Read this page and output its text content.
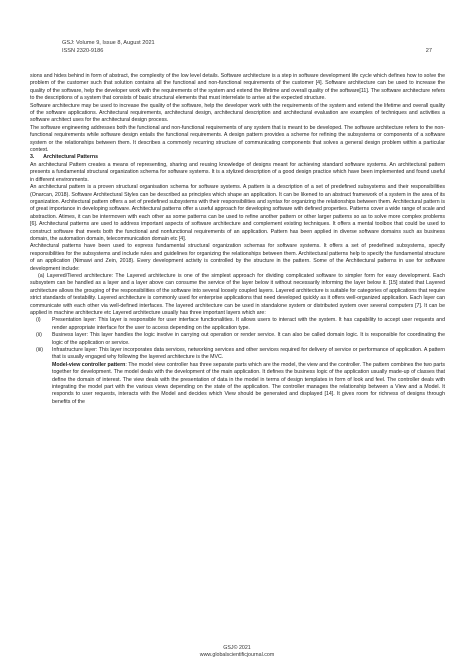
GSJ: Volume 9, Issue 8, August 2021
ISSN 2320-9186	27

sions and hides behind in form of abstract, the complexity of the low level details. Software architecture is a step in software development life cycle which defines how to solve the problem of the customer such that solution contains all the functional and non-functional requirements of the customer [4]. Software architecture can be used to increase the quality of the software, help the developer work with the requirements of the system and extend the lifetime and overall quality of the software[11]. The software architecture refers to the descriptions of a system that consists of basic structural elements that must interrelate to arrive at the expected structure.

Software architecture may be used to increase the quality of the software, help the developer work with the requirements of the system and extend the lifetime and overall quality of the software applications. Architectural requirements, architectural design, architectural description and architectural evaluation are examples of techniques and activities a software architect uses for the architectural design process.

The software engineering addresses both the functional and non-functional requirements of any system that is meant to be developed. The software architecture refers to the non-functional requirements while software design entails the functional requirements. A design pattern provides a scheme for refining the subsystems or components of a software system or the relationships between them. It describes a commonly recurring structure of communicating components that solves a general design problem within a particular context.

3. Architectural Patterns

An architectural Pattern creates a means of representing, sharing and reusing knowledge of designs meant for achieving standard software systems. An architectural pattern presents a fundamental structural organization schema for software systems. It is a stylized description of a good design practice which have been implemented and found useful in different environments.

An architectural pattern is a proven structural organisation schema for software systems. A pattern is a description of a set of predefined subsystems and their responsibilities (Onarcan, 2018). Software Architectural Styles can be described as principles which shape an application. It can be likened to an abstract framework of a system in the area of its organization. Architectural pattern offers a set of predefined subsystems with their responsibilities and syntax for organizing the relationships between them. Architectural pattern is of great importance in developing software. Architectural patterns offer a useful approach for developing software with defined properties. Patterns cover a wide range of scale and abstraction. Atimes, it can be intermoven with each other as some patterns can be used to refine another pattern or other larger patterns so as to solve more complex problems [6]. Architectural patterns are used to address important aspects of software architecture and complement existing techniques. It offers a mental toolbox that could be used to construct software that meets both the functional and nonfunctional requirements of an application. Pattern has been applied in diverse software domains such as business domain, the automation domain, telecommunication domain etc [4].

Architectural patterns have been used to express fundamental structural organization schemas for software systems. It offers a set of predefined subsystems, specify responsibilities for the subsystems and include rules and guidelines for organizing the relationships between them. Architectural patterns help to specify the fundamental structure of an application (Nimawi and Zein, 2018). Every development activity is controlled by the structure in the pattern. Some of the Architectural patterns in use for software development include:

(a) Layered/Tiered architecture: The Layered architecture is one of the simplest approach for dividing complicated software to simpler form for easy development. Each subsystem can be handled as a layer and a layer above can consume the service of the layer below it without necessarily informing the layer below it. [15] stated that Layered architecture allows the grouping of the responsibilities of the software into several loosely coupled layers. Layered architecture is suitable for categories of applications that require strict standards of testability. Layered architecture is commonly used for enterprise applications that need developed quickly as it offers well-organized application. Each layer can communicate with each other via well-defined interfaces. The layered architecture can be used in standalone system or distributed system over several computers [7]. It can be applied in machine architecture etc Layered architecture usually has three important layers which are:

(i)	Presentation layer: This layer is responsible for user interface functionalities. It allows users to interact with the system. It has capability to accept user requests and render appropriate interface for the user to access depending on the application type.
(ii)	Business layer: This layer handles the logic involve in carrying out operation or render service. It can also be called domain logic. It is responsible for coordinating the logic of the application or service.
(iii)	Infrastructure layer: This layer incorporates data services, networking services and other services required for delivery of service or performance of application. A pattern that is usually engaged why following the layered architecture is the MVC.
Model-view controller pattern: The model view controller has three separate parts which are the model, the view and the controller. The pattern combines the two parts together for development. The model deals with the development of the main application. It defines the business logic of the application usually made-up of classes that define the domain of interest. The view deals with the presentation of data in the model in terms of design templates in form of look and feel. The controller deals with integrating the model part with the various views depending on the state of the application. The controller manages the relationship between a View and a Model. It responds to user requests, interacts with the Model and decides which View should be generated and displayed [14]. It gives room for richness of designs through benefits of the
GSJ© 2021
www.globalscientificjournal.com
